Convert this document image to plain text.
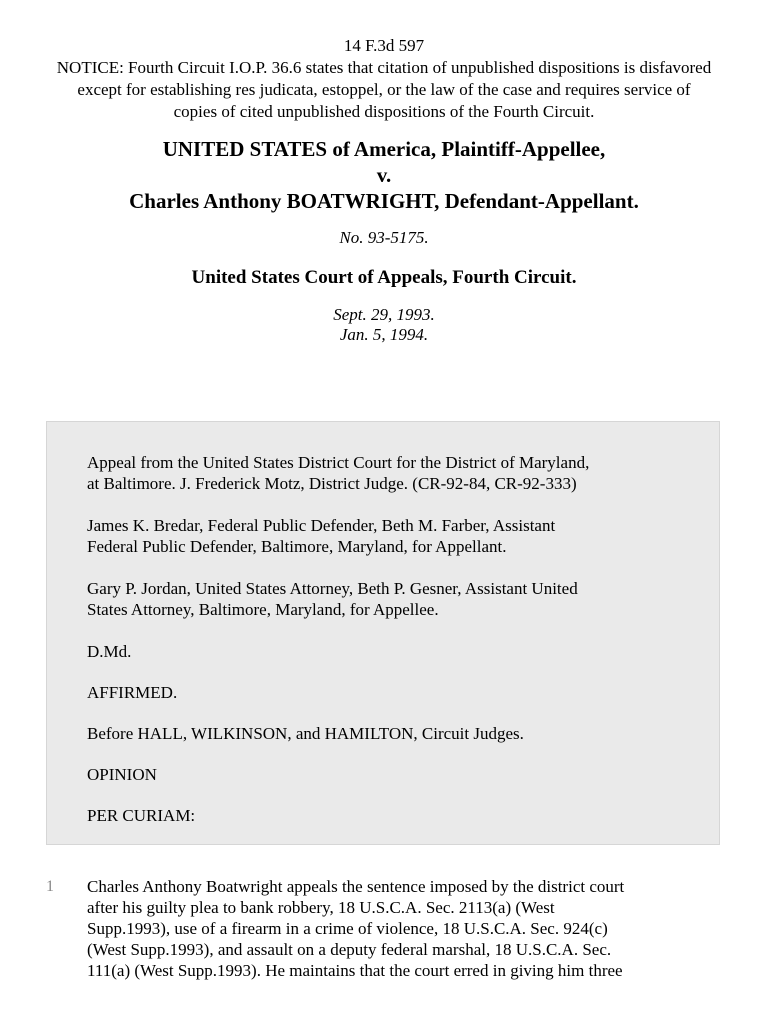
14 F.3d 597
NOTICE: Fourth Circuit I.O.P. 36.6 states that citation of unpublished dispositions is disfavored except for establishing res judicata, estoppel, or the law of the case and requires service of copies of cited unpublished dispositions of the Fourth Circuit.
UNITED STATES of America, Plaintiff-Appellee,
v.
Charles Anthony BOATWRIGHT, Defendant-Appellant.
No. 93-5175.
United States Court of Appeals, Fourth Circuit.
Sept. 29, 1993.
Jan. 5, 1994.

Appeal from the United States District Court for the District of Maryland,
at Baltimore. J. Frederick Motz, District Judge. (CR-92-84, CR-92-333)

James K. Bredar, Federal Public Defender, Beth M. Farber, Assistant
Federal Public Defender, Baltimore, Maryland, for Appellant.

Gary P. Jordan, United States Attorney, Beth P. Gesner, Assistant United
States Attorney, Baltimore, Maryland, for Appellee.

D.Md.

AFFIRMED.

Before HALL, WILKINSON, and HAMILTON, Circuit Judges.

OPINION

PER CURIAM:

1 Charles Anthony Boatwright appeals the sentence imposed by the district court
after his guilty plea to bank robbery, 18 U.S.C.A. Sec. 2113(a) (West
Supp.1993), use of a firearm in a crime of violence, 18 U.S.C.A. Sec. 924(c)
(West Supp.1993), and assault on a deputy federal marshal, 18 U.S.C.A. Sec.
111(a) (West Supp.1993). He maintains that the court erred in giving him three
